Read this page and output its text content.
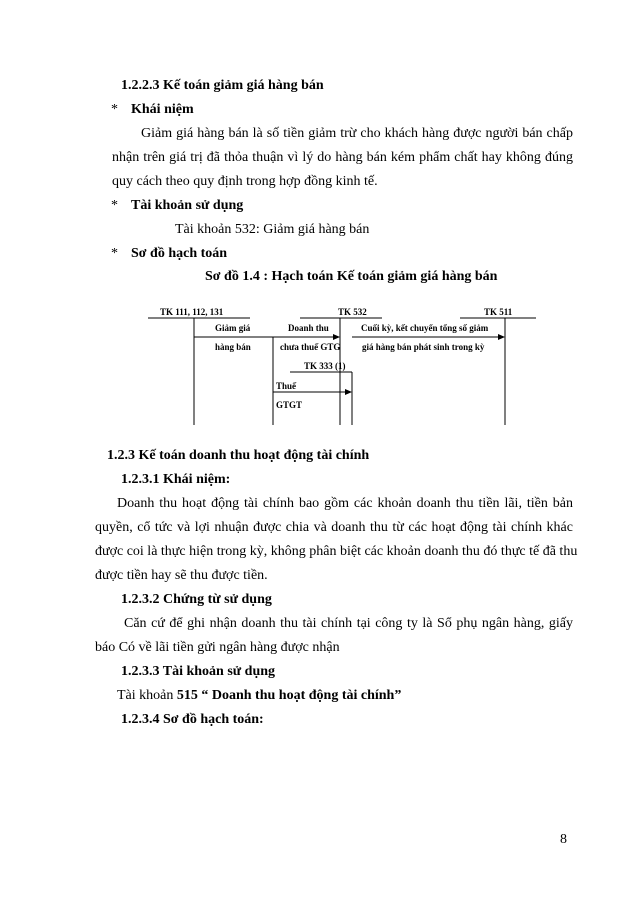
1.2.2.3 Kế toán giảm giá hàng bán
* Khái niệm
Giảm giá hàng bán là số tiền giảm trừ cho khách hàng được người bán chấp
nhận trên giá trị đã thỏa thuận vì lý do hàng bán kém phẩm chất hay không đúng
quy cách theo quy định trong hợp đồng kinh tế.
* Tài khoản sử dụng
Tài khoản 532: Giảm giá hàng bán
* Sơ đồ hạch toán
Sơ đồ 1.4 : Hạch toán Kế toán giảm giá hàng bán
TK 111, 112, 131	TK 532	TK 511
Giảm giá
hàng bán
Doanh thu
chưa thuế GTG
Cuối kỳ, kết chuyển tổng số giảm
giá hàng bán phát sinh trong kỳ
TK 333 (1)
Thuế
GTGT
1.2.3 Kế toán doanh thu hoạt động tài chính
1.2.3.1 Khái niệm:
Doanh thu hoạt động tài chính bao gồm các khoản doanh thu tiền lãi, tiền bản
quyền, cổ tức và lợi nhuận được chia và doanh thu từ các hoạt động tài chính khác
được coi là thực hiện trong kỳ, không phân biệt các khoản doanh thu đó thực tế đã thu
được tiền hay sẽ thu được tiền.
1.2.3.2 Chứng từ sử dụng
Căn cứ để ghi nhận doanh thu tài chính tại công ty là Sổ phụ ngân hàng, giấy
báo Có về lãi tiền gửi ngân hàng được nhận
1.2.3.3 Tài khoản sử dụng
Tài khoản 515 “ Doanh thu hoạt động tài chính”
1.2.3.4 Sơ đồ hạch toán:
8
